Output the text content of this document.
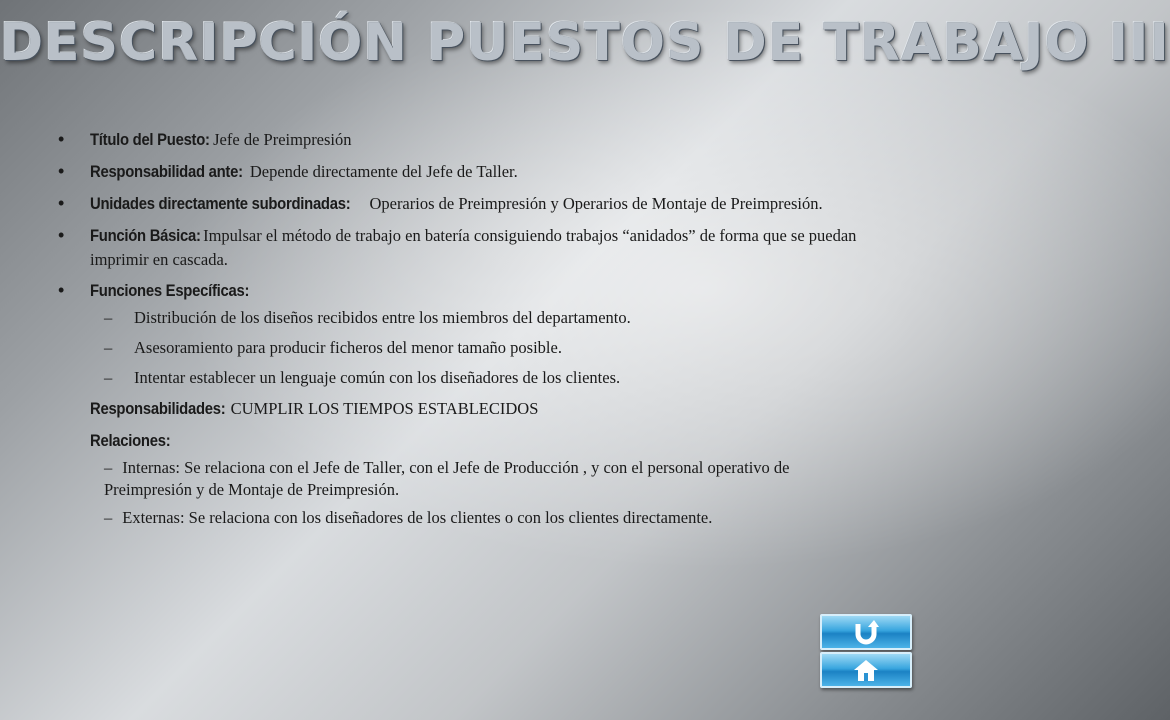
DESCRIPCIÓN PUESTOS DE TRABAJO III
• Título del Puesto: Jefe de Preimpresión
• Responsabilidad ante: Depende directamente del Jefe de Taller.
• Unidades directamente subordinadas: Operarios de Preimpresión y Operarios de Montaje de Preimpresión.
• Función Básica: Impulsar el método de trabajo en batería consiguiendo trabajos “anidados” de forma que se puedan imprimir en cascada.
• Funciones Específicas:
– Distribución de los diseños recibidos entre los miembros del departamento.
– Asesoramiento para producir ficheros del menor tamaño posible.
– Intentar establecer un lenguaje común con los diseñadores de los clientes.
Responsabilidades: CUMPLIR LOS TIEMPOS ESTABLECIDOS
Relaciones:
– Internas: Se relaciona con el Jefe de Taller, con el Jefe de Producción , y con el personal operativo de Preimpresión y de Montaje de Preimpresión.
– Externas: Se relaciona con los diseñadores de los clientes o con los clientes directamente.
